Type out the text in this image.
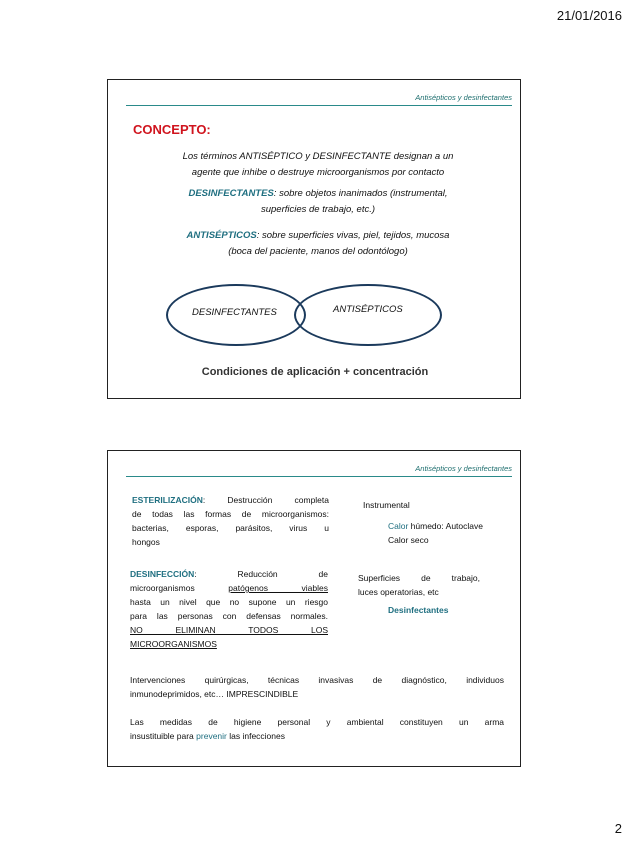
21/01/2016
Antisépticos y desinfectantes
CONCEPTO:
Los términos ANTISÉPTICO y DESINFECTANTE designan a un
agente que inhibe o destruye microorganismos por contacto
DESINFECTANTES: sobre objetos inanimados (instrumental,
superficies de trabajo, etc.)
ANTISÉPTICOS: sobre superficies vivas, piel, tejidos, mucosa
(boca del paciente, manos del odontólogo)
DESINFECTANTES	ANTISÉPTICOS
Condiciones de aplicación + concentración
Antisépticos y desinfectantes
ESTERILIZACIÓN: Destrucción completa
de todas las formas de microorganismos:
bacterias, esporas, parásitos, virus u
hongos
Instrumental
Calor húmedo: Autoclave
Calor seco
DESINFECCIÓN: Reducción de
microorganismos	patógenos viables
hasta un nivel que no supone un riesgo
para las personas con defensas normales.
NO ELIMINAN TODOS LOS
MICROORGANISMOS
Superficies de trabajo,
luces operatorias, etc
Desinfectantes
Intervenciones quirúrgicas, técnicas invasivas de diagnóstico, individuos
inmunodeprimidos, etc… IMPRESCINDIBLE
Las medidas de higiene personal y ambiental constituyen un arma
insustituible para prevenir las infecciones
2
